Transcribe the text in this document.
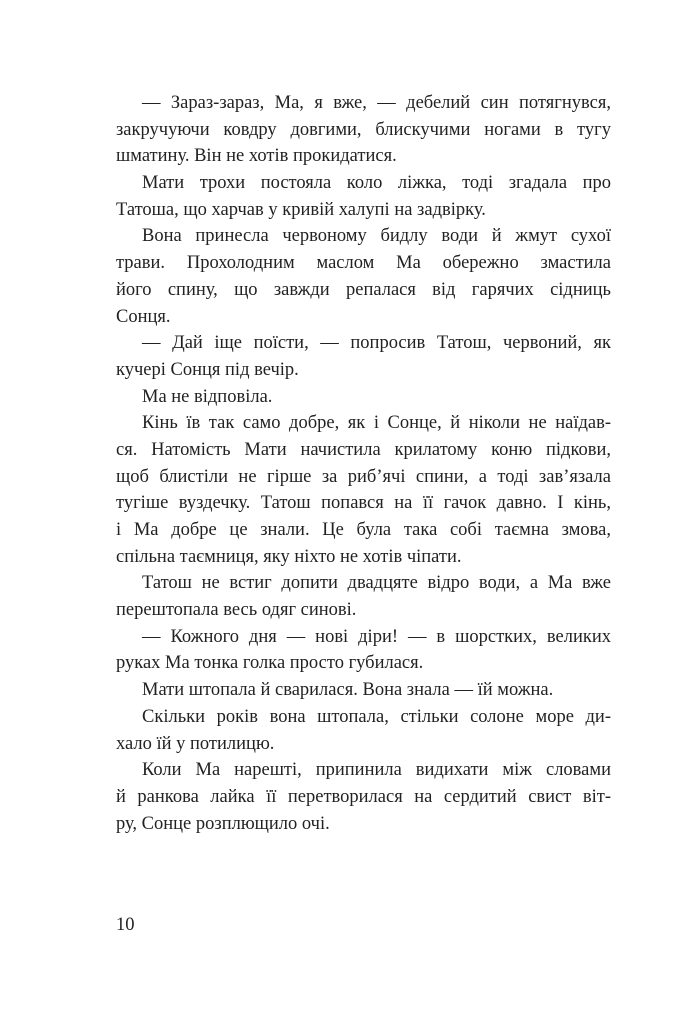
— Зараз-зараз, Ма, я вже, — дебелий син потягнувся,
закручуючи ковдру довгими, блискучими ногами в тугу
шматину. Він не хотів прокидатися.
Мати трохи постояла коло ліжка, тоді згадала про
Татоша, що харчав у кривій халупі на задвірку.
Вона принесла червоному бидлу води й жмут сухої
трави. Прохолодним маслом Ма обережно змастила
його спину, що завжди репалася від гарячих сідниць
Сонця.
— Дай іще поїсти, — попросив Татош, червоний, як
кучері Сонця під вечір.
Ма не відповіла.
Кінь їв так само добре, як і Сонце, й ніколи не наїдав-
ся. Натомість Мати начистила крилатому коню підкови,
щоб блистіли не гірше за риб’ячі спини, а тоді зав’язала
тугіше вуздечку. Татош попався на її гачок давно. І кінь,
і Ма добре це знали. Це була така собі таємна змова,
спільна таємниця, яку ніхто не хотів чіпати.
Татош не встиг допити двадцяте відро води, а Ма вже
перештопала весь одяг синові.
— Кожного дня — нові діри! — в шорстких, великих
руках Ма тонка голка просто губилася.
Мати штопала й сварилася. Вона знала — їй можна.
Скільки років вона штопала, стільки солоне море ди-
хало їй у потилицю.
Коли Ма нарешті, припинила видихати між словами
й ранкова лайка її перетворилася на сердитий свист віт-
ру, Сонце розплющило очі.
10
